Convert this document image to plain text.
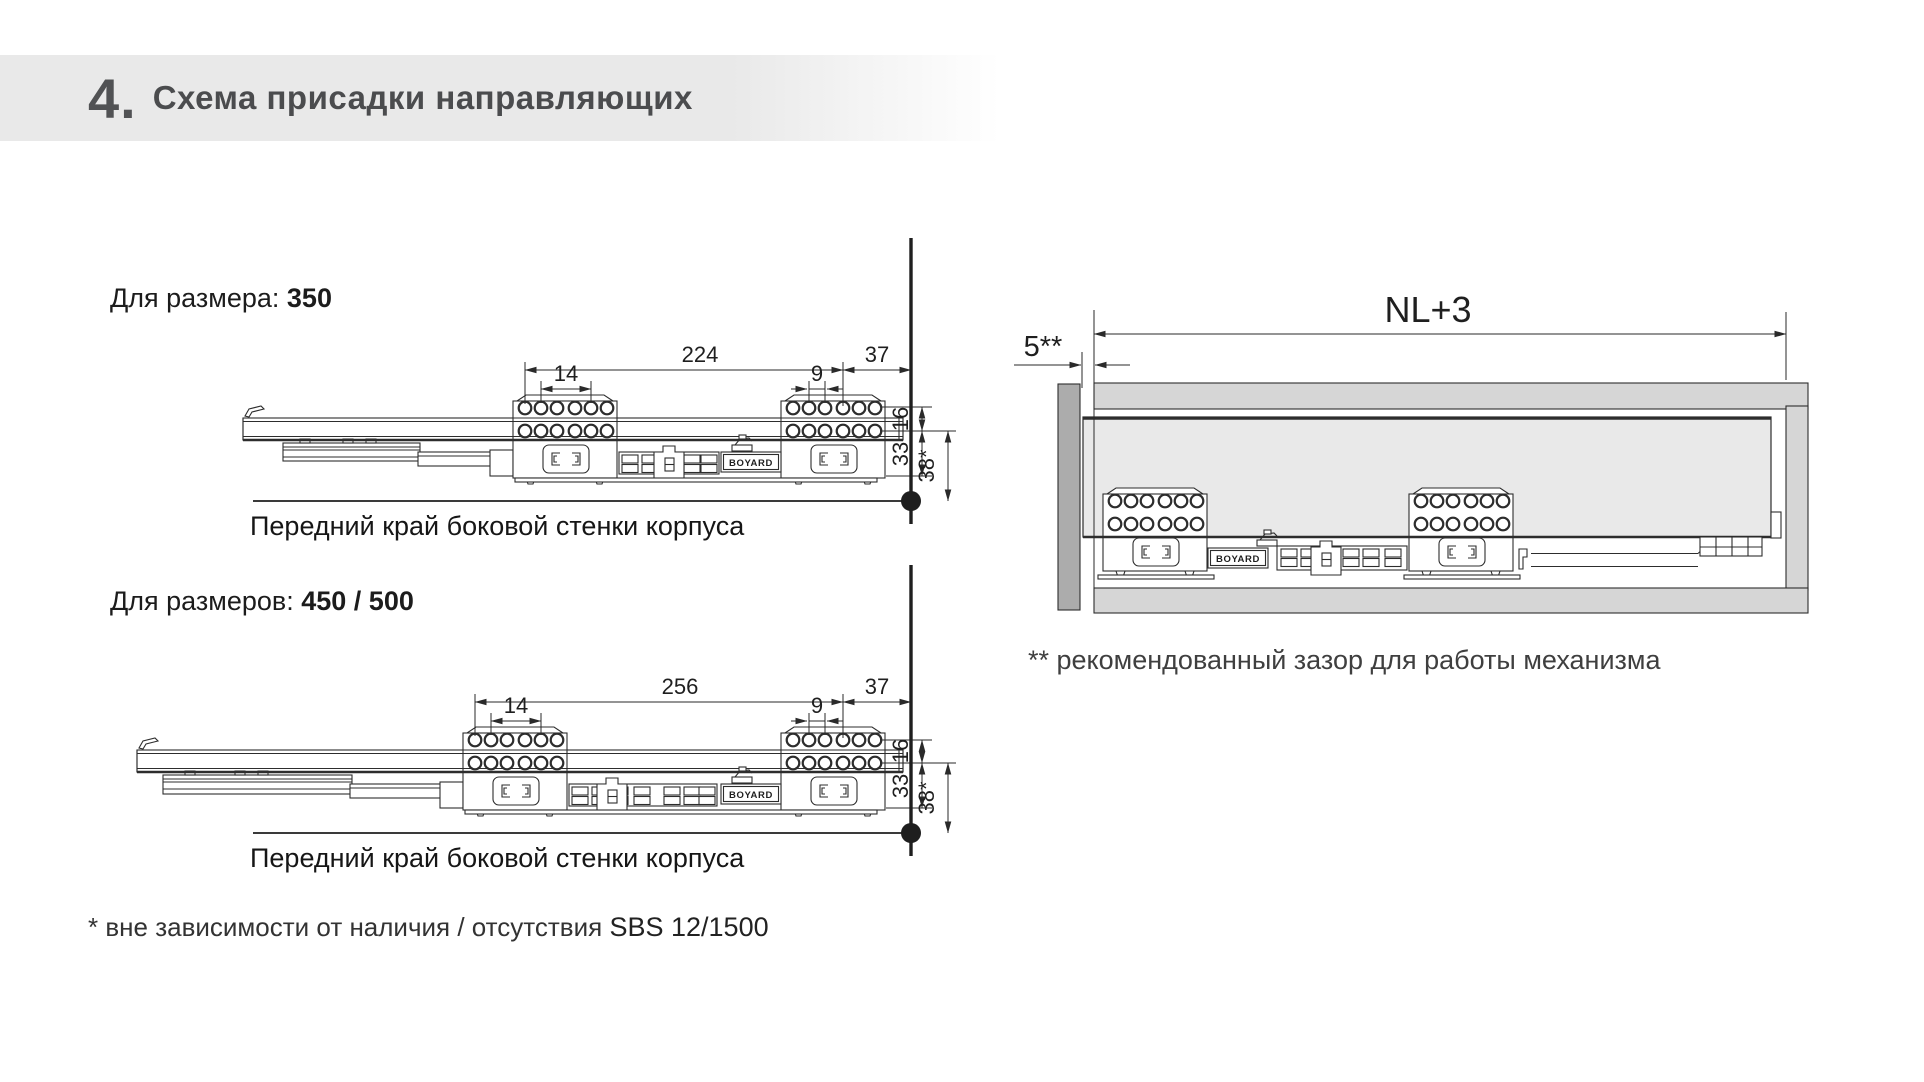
4. Схема присадки направляющих
BOYARD
224	37
14	9
16
33 38*
BOYARD
256	37
14	9
16
33 38*
BOYARD
NL+3
5**
Для размера: 350
Для размеров: 450 / 500
Передний край боковой стенки корпуса
Передний край боковой стенки корпуса
** рекомендованный зазор для работы механизма
* вне зависимости от наличия / отсутствия SBS 12/1500
